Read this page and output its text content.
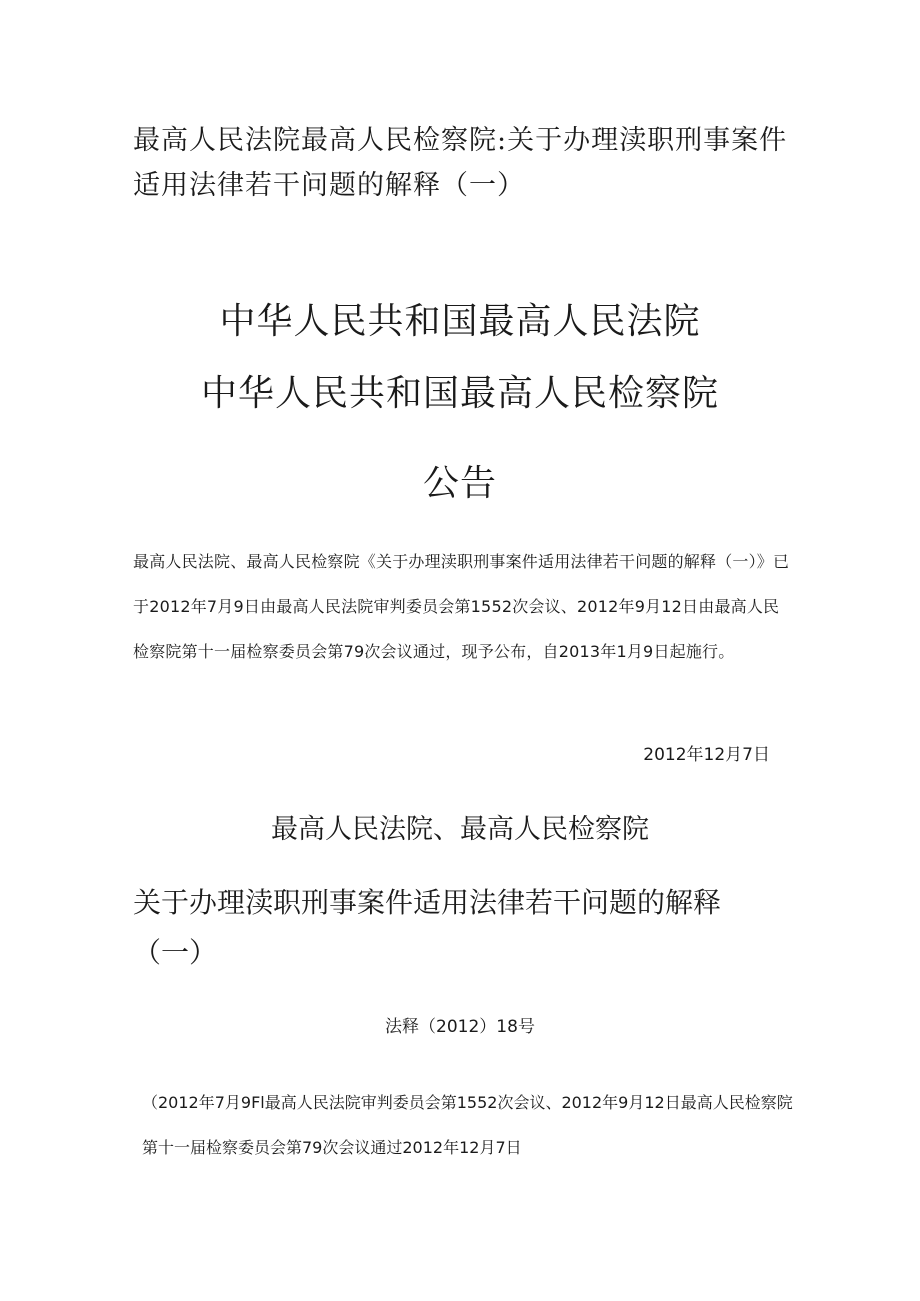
最高人民法院最高人民检察院:关于办理渎职刑事案件适用法律若干问题的解释（一）
中华人民共和国最高人民法院
中华人民共和国最高人民检察院
公告

最高人民法院、最高人民检察院《关于办理渎职刑事案件适用法律若干问题的解释（一）》已于2012年7月9日由最高人民法院审判委员会第1552次会议、2012年9月12日由最高人民检察院第十一届检察委员会第79次会议通过，现予公布，自2013年1月9日起施行。

2012年12月7日

最高人民法院、最高人民检察院
关于办理渎职刑事案件适用法律若干问题的解释（一）

法释（2012）18号

（2012年7月9Fl最高人民法院审判委员会第1552次会议、2012年9月12日最高人民检察院第十一届检察委员会第79次会议通过2012年12月7日
